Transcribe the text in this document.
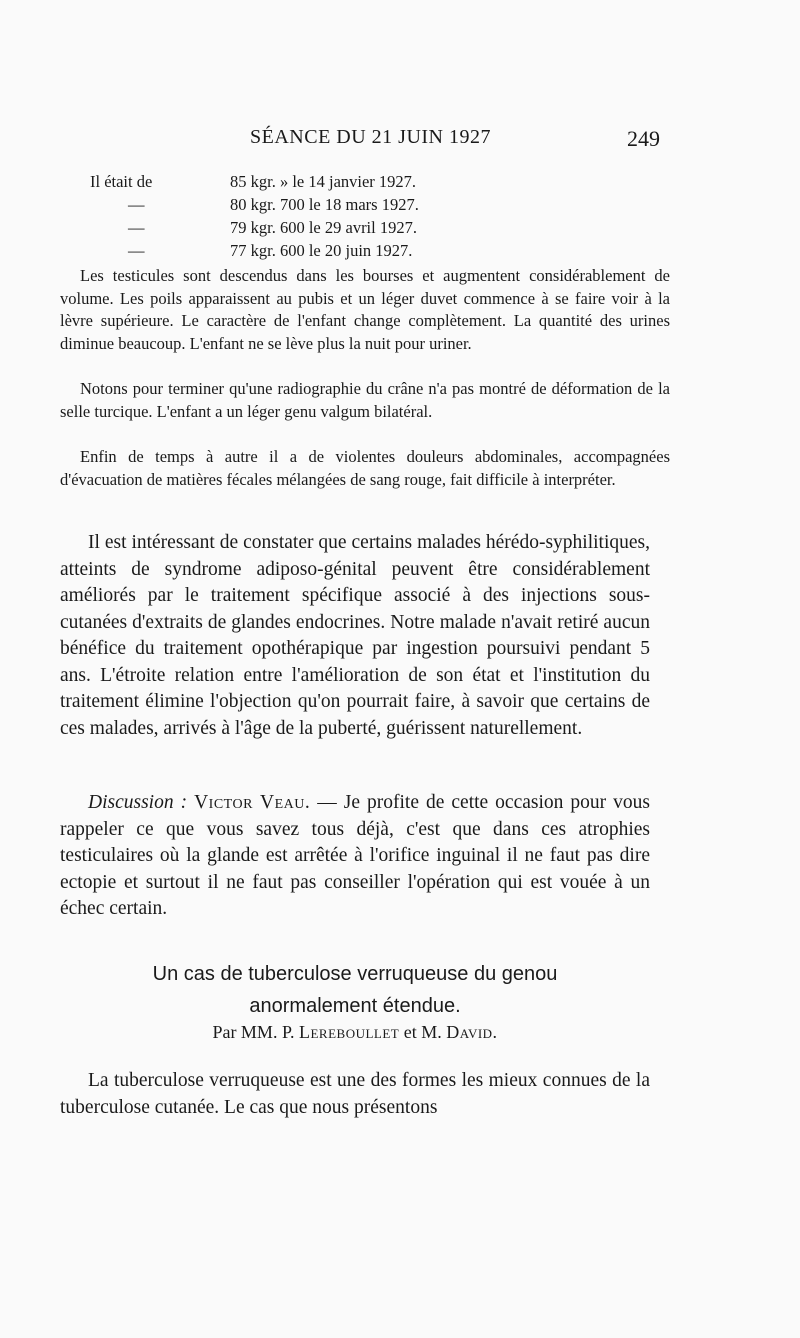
SÉANCE DU 21 JUIN 1927	249
Il était de	85 kgr. » le 14 janvier 1927.
—	80 kgr. 700 le 18 mars 1927.
—	79 kgr. 600 le 29 avril 1927.
—	77 kgr. 600 le 20 juin 1927.

Les testicules sont descendus dans les bourses et augmentent considérablement de volume. Les poils apparaissent au pubis et un léger duvet commence à se faire voir à la lèvre supérieure. Le caractère de l'enfant change complètement. La quantité des urines diminue beaucoup. L'enfant ne se lève plus la nuit pour uriner.

Notons pour terminer qu'une radiographie du crâne n'a pas montré de déformation de la selle turcique. L'enfant a un léger genu valgum bilatéral.

Enfin de temps à autre il a de violentes douleurs abdominales, accompagnées d'évacuation de matières fécales mélangées de sang rouge, fait difficile à interpréter.

Il est intéressant de constater que certains malades hérédo-syphilitiques, atteints de syndrome adiposo-génital peuvent être considérablement améliorés par le traitement spécifique associé à des injections sous-cutanées d'extraits de glandes endocrines. Notre malade n'avait retiré aucun bénéfice du traitement opothérapique par ingestion poursuivi pendant 5 ans. L'étroite relation entre l'amélioration de son état et l'institution du traitement élimine l'objection qu'on pourrait faire, à savoir que certains de ces malades, arrivés à l'âge de la puberté, guérissent naturellement.

Discussion : Victor Veau. — Je profite de cette occasion pour vous rappeler ce que vous savez tous déjà, c'est que dans ces atrophies testiculaires où la glande est arrêtée à l'orifice inguinal il ne faut pas dire ectopie et surtout il ne faut pas conseiller l'opération qui est vouée à un échec certain.

Un cas de tuberculose verruqueuse du genou
anormalement étendue.
Par MM. P. Lereboullet et M. David.

La tuberculose verruqueuse est une des formes les mieux connues de la tuberculose cutanée. Le cas que nous présentons
